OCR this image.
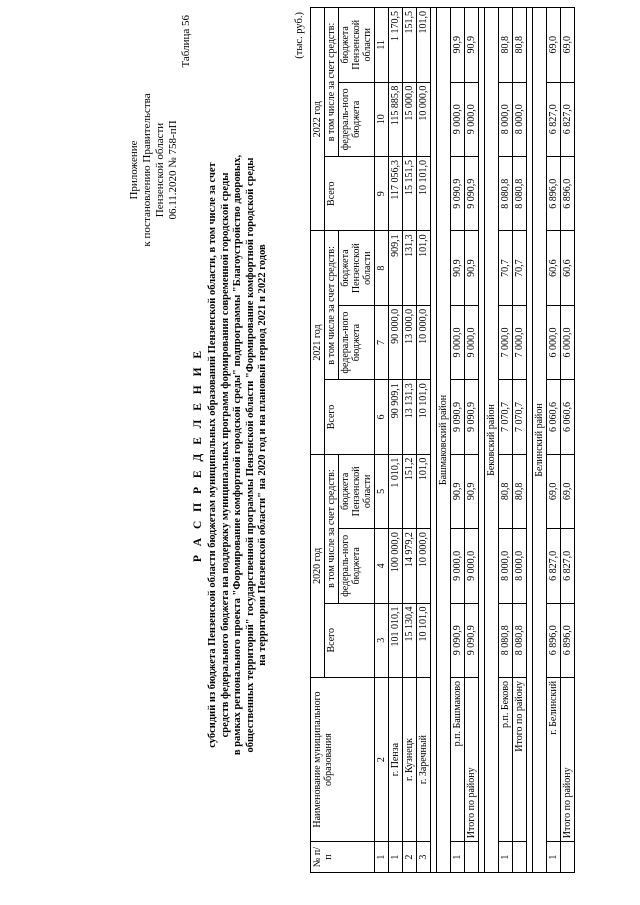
Приложение к постановлению Правительства Пензенской области 06.11.2020 № 758-пП
Таблица 56
Р А С П Р Е Д Е Л Е Н И Е субсидий из бюджета Пензенской области бюджетам муниципальных образований Пензенской области, в том числе за счет средств федерального бюджета на поддержку муниципальных программ формирования современной городской среды в рамках регионального проекта "Формирование комфортной городской среды" подпрограммы "Благоустройство дворовых, общественных территорий" государственной программы Пензенской области "Формирование комфортной городской среды на территории Пензенской области" на 2020 год и на плановый период 2021 и 2022 годов
(тыс. руб.)
№ п/п	Наименование муниципального образования	2020 год			2021 год			2022 год		
		Всего	в том числе за счет средств:		Всего	в том числе за счет средств:		Всего	в том числе за счет средств:	
			федераль-ного бюджета	бюджета Пензенской области		федераль-ного бюджета	бюджета Пензенской области		федераль-ного бюджета	бюджета Пензенской области
1	2	3	4	5	6	7	8	9	10	11
1	г. Пенза	101 010,1	100 000,0	1 010,1	90 909,1	90 000,0	909,1	117 056,3	115 885,8	1 170,5
2	г. Кузнецк	15 130,4	14 979,2	151,2	13 131,3	13 000,0	131,3	15 151,5	15 000,0	151,5
3	г. Заречный	10 101,0	10 000,0	101,0	10 101,0	10 000,0	101,0	10 101,0	10 000,0	101,0

Башмаковский район										
1	р.п. Башмаково	9 090,9	9 000,0	90,9	9 090,9	9 000,0	90,9	9 090,9	9 000,0	90,9
	Итого по району	9 090,9	9 000,0	90,9	9 090,9	9 000,0	90,9	9 090,9	9 000,0	90,9

Бековский район										
1	р.п. Беково	8 080,8	8 000,0	80,8	7 070,7	7 000,0	70,7	8 080,8	8 000,0	80,8
	Итого по району	8 080,8	8 000,0	80,8	7 070,7	7 000,0	70,7	8 080,8	8 000,0	80,8

Белинский район										
1	г. Белинский	6 896,0	6 827,0	69,0	6 060,6	6 000,0	60,6	6 896,0	6 827,0	69,0
	Итого по району	6 896,0	6 827,0	69,0	6 060,6	6 000,0	60,6	6 896,0	6 827,0	69,0
